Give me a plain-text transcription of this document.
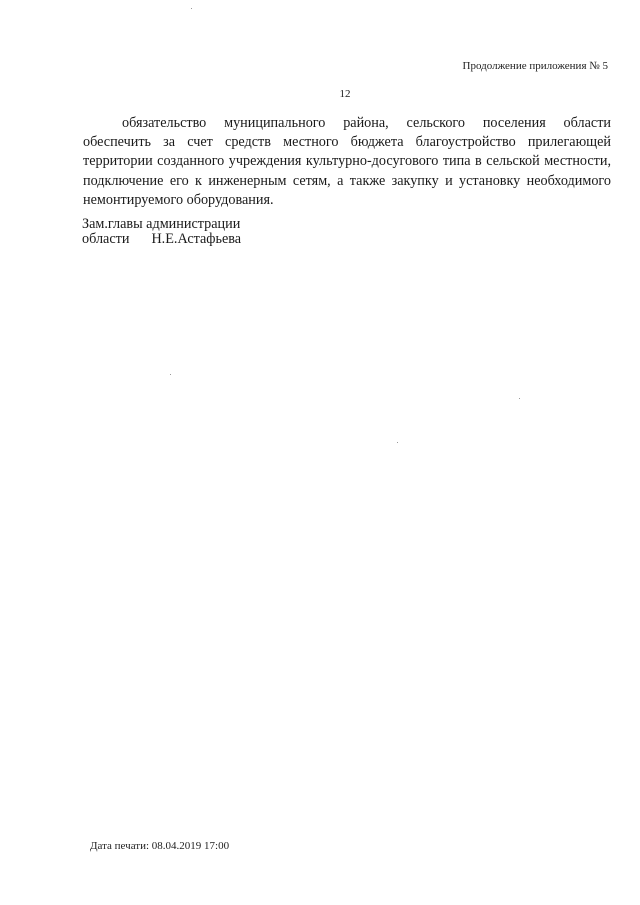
Продолжение приложения № 5
12

обязательство муниципального района, сельского поселения области обеспечить за счет средств местного бюджета благоустройство прилегающей территории созданного учреждения культурно-досугового типа в сельской местности, подключение его к инженерным сетям, а также закупку и установку необходимого немонтируемого оборудования.

Зам.главы администрации
области Н.Е.Астафьева
Дата печати: 08.04.2019 17:00
